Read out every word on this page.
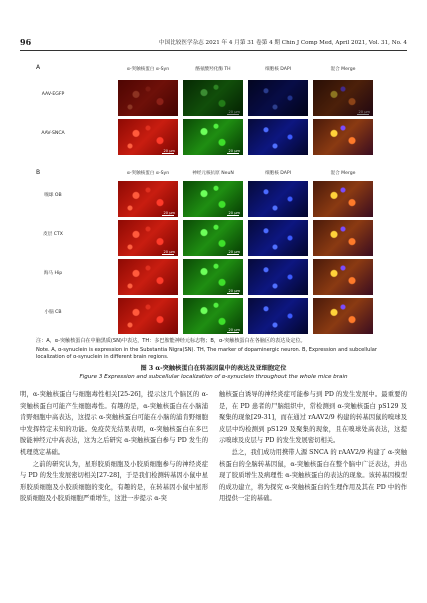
96	中国比较医学杂志 2021 年 4 月第 31 卷第 4 期 Chin J Comp Med, April 2021, Vol. 31, No. 4
A	α-突触核蛋白 α-Syn	酪氨酸羟化酶 TH	细胞核 DAPI	混合 Merge
AAV-EGFP
20 μm	20 μm
AAV-SNCA
20 μm	20 μm
B	α-突触核蛋白 α-Syn	神经元核抗原 NeuN	细胞核 DAPI	混合 Merge
嗅球 OB
20 μm	20 μm
皮层 CTX
20 μm	20 μm
海马 Hip
20 μm
小脑 CB
20 μm
注：A，α-突触核蛋白在中脑黑质(SN)中表达，TH：多巴胺能神经元标志物；B，α-突触核蛋白在各脑区的表达及定位。
Note. A, α-synuclein is expression in the Substantia Nigra(SN). TH, The marker of dopaminergic neuron. B, Expression and subcellular localization of α-synuclein in different brain regions.
图 3 α-突触核蛋白在转基因鼠中的表达及亚细胞定位
Figure 3 Expression and subcellular localization of α-synuclein throughout the whole mice brain

明，α-突触核蛋白与细胞毒性相关[25-26]，提示这几个脑区的 α-突触核蛋白可能产生细胞毒性。有趣的是，α-突触核蛋白在小脑浦肯野细胞中高表达，这提示 α-突触核蛋白可能在小脑的浦肯野细胞中发挥特定未知的功能。免疫荧光结果表明，α-突触核蛋白在多巴胺能神经元中高表达，这为之后研究 α-突触核蛋白参与 PD 发生的机理奠定基础。

之前的研究认为，星形胶质细胞及小胶质细胞参与的神经炎症与 PD 的发生发展密切相关[27-28]，于是我们检测转基因小鼠中星形胶质细胞及小胶质细胞的变化，有趣的是，在转基因小鼠中星形胶质细胞及小胶质细胞严重增生，这进一步提示 α-突

触核蛋白诱导的神经炎症可能参与到 PD 的发生发展中。最重要的是，在 PD 患者的尸脑组织中，常检测到 α-突触核蛋白 pS129 及聚集的现象[29-31]，而在通过 rAAV2/9 构建的转基因鼠的嗅球及皮层中均检测到 pS129 及聚集的现象，且在嗅球处高表达，这提示嗅球及皮层与 PD 的发生发展密切相关。

总之，我们成功用携带人源 SNCA 的 rAAV2/9 构建了 α-突触核蛋白的全脑转基因鼠，α-突触核蛋白在整个脑中广泛表达，并出现了胶质增生及病理性 α-突触核蛋白的表达的现象。该转基因模型的成功建立，将为探究 α-突触核蛋白的生理作用及其在 PD 中的作用提供一定的基础。
